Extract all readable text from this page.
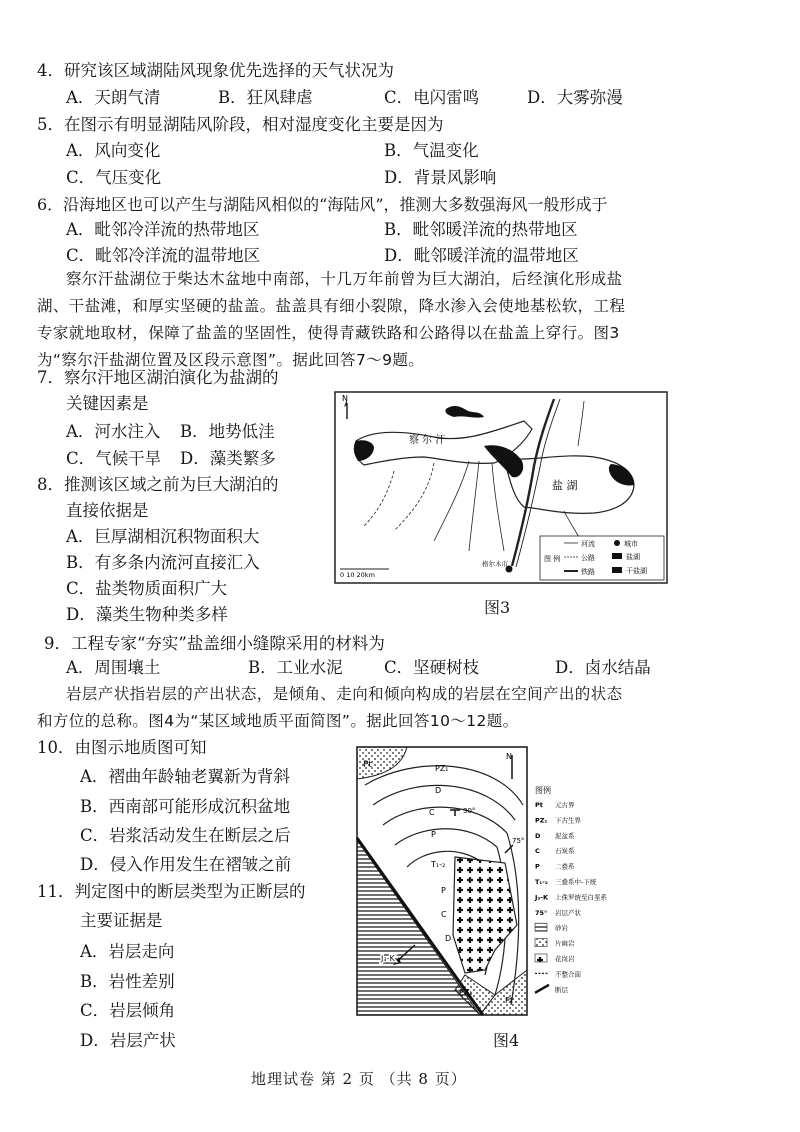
4．研究该区域湖陆风现象优先选择的天气状况为
A．天朗气清	B．狂风肆虐	C．电闪雷鸣	D．大雾弥漫
5．在图示有明显湖陆风阶段，相对湿度变化主要是因为
A．风向变化	B．气温变化
C．气压变化	D．背景风影响
6．沿海地区也可以产生与湖陆风相似的“海陆风”，推测大多数强海风一般形成于
A．毗邻冷洋流的热带地区	B．毗邻暖洋流的热带地区
C．毗邻冷洋流的温带地区	D．毗邻暖洋流的温带地区
察尔汗盐湖位于柴达木盆地中南部，十几万年前曾为巨大湖泊，后经演化形成盐
湖、干盐滩，和厚实坚硬的盐盖。盐盖具有细小裂隙，降水渗入会使地基松软，工程
专家就地取材，保障了盐盖的坚固性，使得青藏铁路和公路得以在盐盖上穿行。图3
为“察尔汗盐湖位置及区段示意图”。据此回答7～9题。
7．察尔汗地区湖泊演化为盐湖的
关键因素是
A．河水注入 B．地势低洼
C．气候干旱 D．藻类繁多
8．推测该区域之前为巨大湖泊的
直接依据是
A．巨厚湖相沉积物面积大
B．有多条内流河直接汇入
C．盐类物质面积广大
D．藻类生物种类多样
N
察 尔 汗
盐 湖
格尔木市
0 10 20km
图 例
河流
公路
铁路
城市
盐湖
干盐湖
图3
9．工程专家“夯实”盐盖细小缝隙采用的材料为
A．周围壤土	B．工业水泥	C．坚硬树枝	D．卤水结晶
岩层产状指岩层的产出状态，是倾角、走向和倾向构成的岩层在空间产出的状态
和方位的总称。图4为“某区域地质平面简图”。据此回答10～12题。
10．由图示地质图可知
A．褶曲年龄轴老翼新为背斜
B．西南部可能形成沉积盆地
C．岩浆活动发生在断层之后
D．侵入作用发生在褶皱之前
11．判定图中的断层类型为正断层的
主要证据是
A．岩层走向
B．岩性差别
C．岩层倾角
D．岩层产状
N
Pt	PZ₁
D
C	30°
P
T₁-₂
75°
P
C
D
J₃-K
PZ₁
Pt
图例
Pt 元古界
PZ₁ 下古生界
D 泥盆系
C 石炭系
P 二叠系
T₁-₂ 三叠系中-下统
J₃-K 上侏罗统至白垩系
75° 岩层产状
砂岩
片麻岩
花岗岩
不整合面
断层
图4
地理试卷 第 2 页 （共 8 页）
